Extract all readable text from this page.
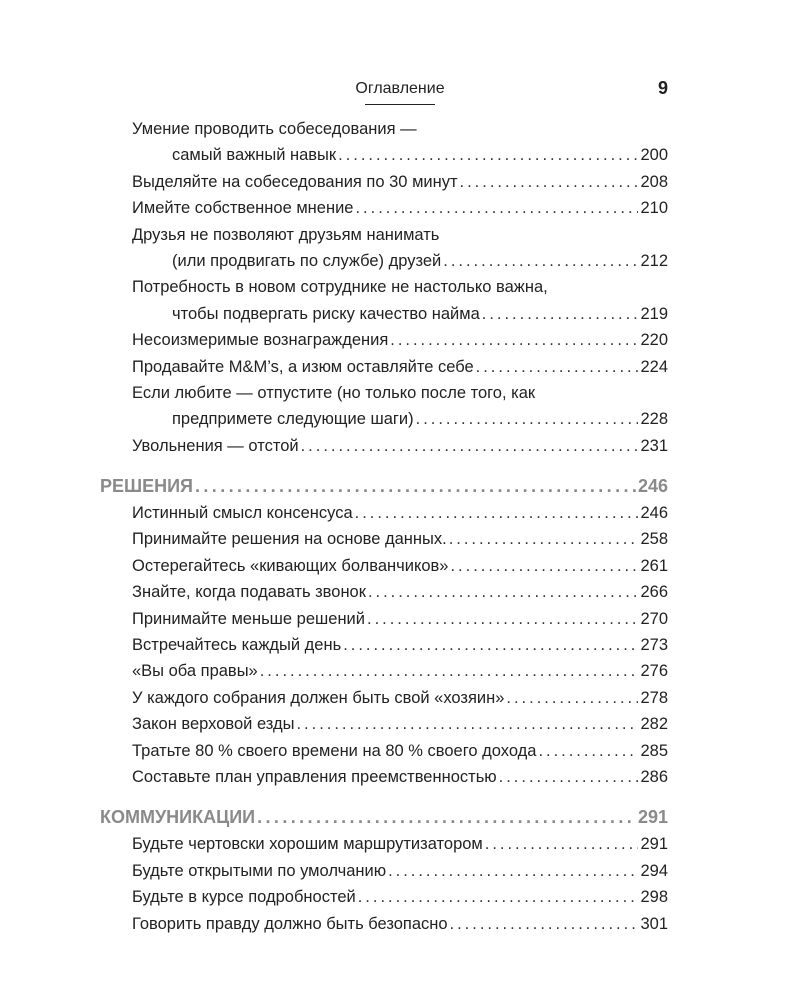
Оглавление	9
Умение проводить собеседования —
самый важный навык . . .	200
Выделяйте на собеседования по 30 минут . . .	208
Имейте собственное мнение . . .	210
Друзья не позволяют друзьям нанимать
(или продвигать по службе) друзей . . .	212
Потребность в новом сотруднике не настолько важна,
чтобы подвергать риску качество найма . . .	219
Несоизмеримые вознаграждения . . .	220
Продавайте M&M’s, а изюм оставляйте себе . . .	224
Если любите — отпустите (но только после того, как
предпримете следующие шаги) . . .	228
Увольнения — отстой . . .	231
РЕШЕНИЯ . . .	246
Истинный смысл консенсуса . . .	246
Принимайте решения на основе данных. . . .	258
Остерегайтесь «кивающих болванчиков» . . .	261
Знайте, когда подавать звонок . . .	266
Принимайте меньше решений . . .	270
Встречайтесь каждый день . . .	273
«Вы оба правы» . . .	276
У каждого собрания должен быть свой «хозяин» . . .	278
Закон верховой езды . . .	282
Тратьте 80 % своего времени на 80 % своего дохода . . .	285
Составьте план управления преемственностью . . .	286
КОММУНИКАЦИИ . . .	291
Будьте чертовски хорошим маршрутизатором . . .	291
Будьте открытыми по умолчанию . . .	294
Будьте в курсе подробностей . . .	298
Говорить правду должно быть безопасно . . .	301
